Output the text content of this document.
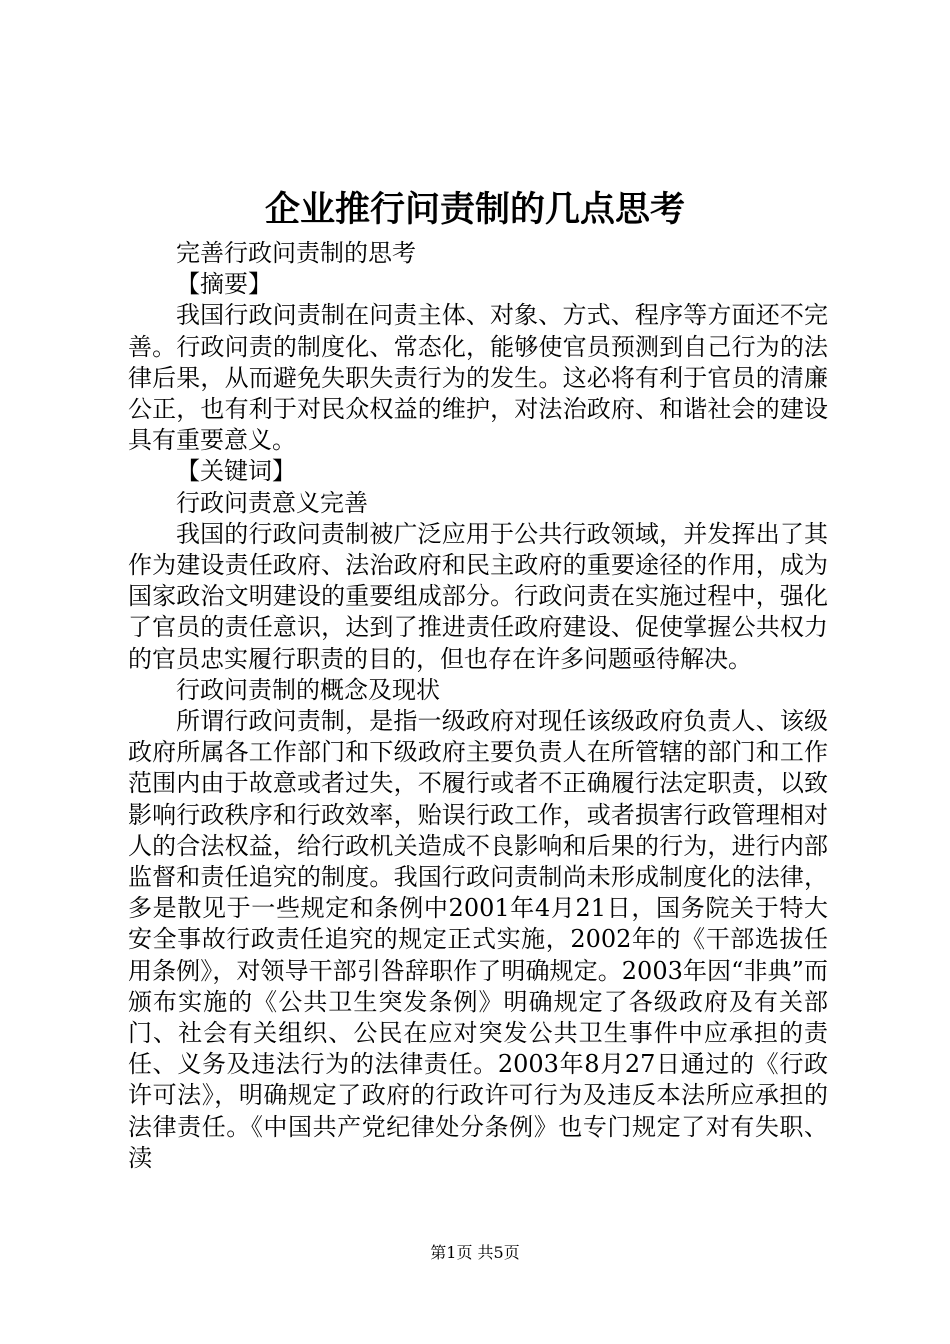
企业推行问责制的几点思考

完善行政问责制的思考

【摘要】

我国行政问责制在问责主体、对象、方式、程序等方面还不完善。行政问责的制度化、常态化，能够使官员预测到自己行为的法律后果，从而避免失职失责行为的发生。这必将有利于官员的清廉公正，也有利于对民众权益的维护，对法治政府、和谐社会的建设具有重要意义。

【关键词】

行政问责意义完善

我国的行政问责制被广泛应用于公共行政领域，并发挥出了其作为建设责任政府、法治政府和民主政府的重要途径的作用，成为国家政治文明建设的重要组成部分。行政问责在实施过程中，强化了官员的责任意识，达到了推进责任政府建设、促使掌握公共权力的官员忠实履行职责的目的，但也存在许多问题亟待解决。

行政问责制的概念及现状

所谓行政问责制，是指一级政府对现任该级政府负责人、该级政府所属各工作部门和下级政府主要负责人在所管辖的部门和工作范围内由于故意或者过失，不履行或者不正确履行法定职责，以致影响行政秩序和行政效率，贻误行政工作，或者损害行政管理相对人的合法权益，给行政机关造成不良影响和后果的行为，进行内部监督和责任追究的制度。我国行政问责制尚未形成制度化的法律，多是散见于一些规定和条例中2001年4月21日，国务院关于特大安全事故行政责任追究的规定正式实施，2002年的《干部选拔任用条例》，对领导干部引咎辞职作了明确规定。2003年因“非典”而颁布实施的《公共卫生突发条例》明确规定了各级政府及有关部门、社会有关组织、公民在应对突发公共卫生事件中应承担的责任、义务及违法行为的法律责任。2003年8月27日通过的《行政许可法》，明确规定了政府的行政许可行为及违反本法所应承担的法律责任。《中国共产党纪律处分条例》也专门规定了对有失职、渎

第1页 共5页
